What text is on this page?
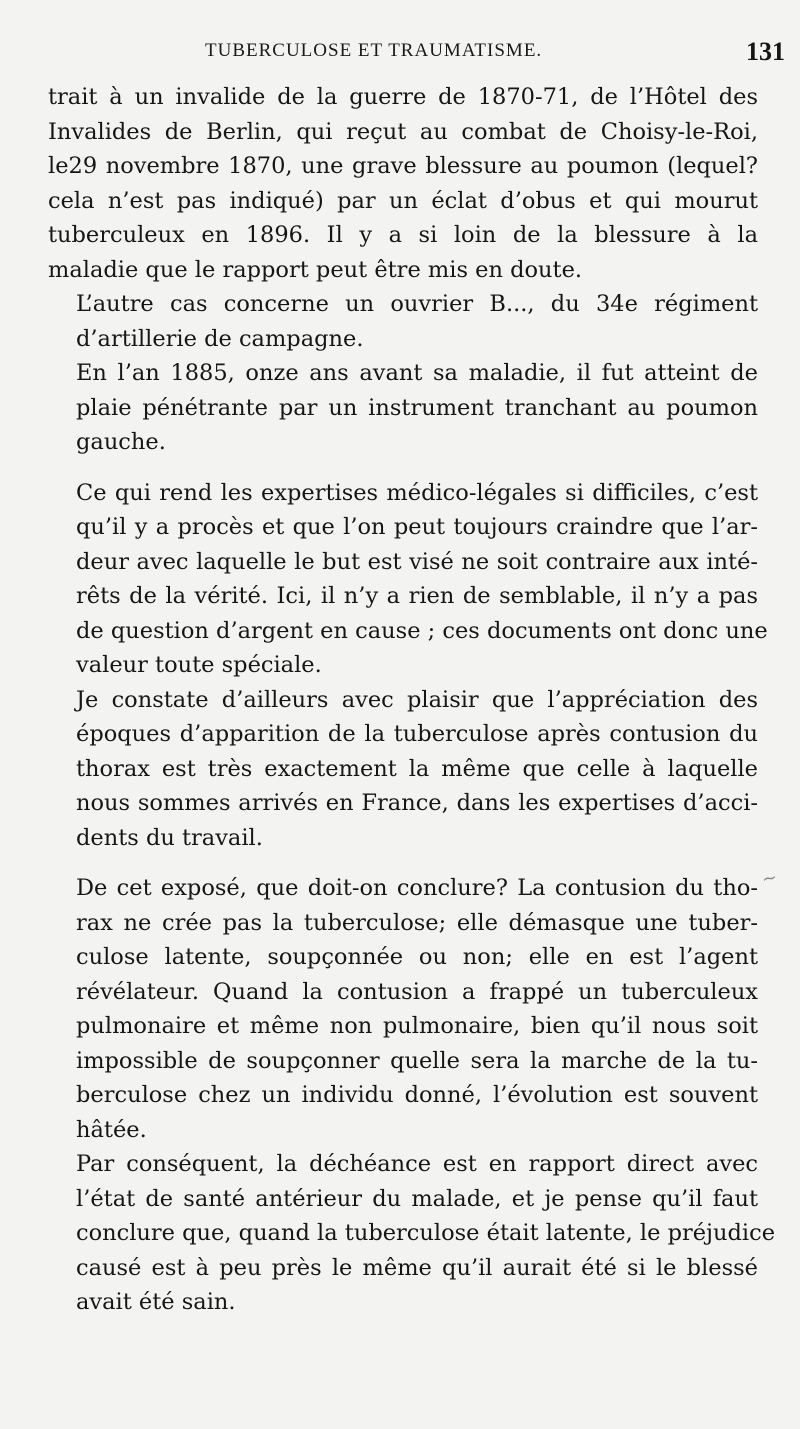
TUBERCULOSE ET TRAUMATISME.	131

trait à un invalide de la guerre de 1870-71, de l’Hôtel des
Invalides de Berlin, qui reçut au combat de Choisy-le-Roi,
le29 novembre 1870, une grave blessure au poumon (lequel?
cela n’est pas indiqué) par un éclat d’obus et qui mourut
tuberculeux en 1896. Il y a si loin de la blessure à la
maladie que le rapport peut être mis en doute.

L’autre cas concerne un ouvrier B..., du 34e régiment
d’artillerie de campagne.

En l’an 1885, onze ans avant sa maladie, il fut atteint de
plaie pénétrante par un instrument tranchant au poumon
gauche.

Ce qui rend les expertises médico-légales si difficiles, c’est
qu’il y a procès et que l’on peut toujours craindre que l’ar-
deur avec laquelle le but est visé ne soit contraire aux inté-
rêts de la vérité. Ici, il n’y a rien de semblable, il n’y a pas
de question d’argent en cause ; ces documents ont donc une
valeur toute spéciale.

Je constate d’ailleurs avec plaisir que l’appréciation des
époques d’apparition de la tuberculose après contusion du
thorax est très exactement la même que celle à laquelle
nous sommes arrivés en France, dans les expertises d’acci-
dents du travail.

De cet exposé, que doit-on conclure? La contusion du tho-
rax ne crée pas la tuberculose; elle démasque une tuber-
culose latente, soupçonnée ou non; elle en est l’agent
révélateur. Quand la contusion a frappé un tuberculeux
pulmonaire et même non pulmonaire, bien qu’il nous soit
impossible de soupçonner quelle sera la marche de la tu-
berculose chez un individu donné, l’évolution est souvent
hâtée.

Par conséquent, la déchéance est en rapport direct avec
l’état de santé antérieur du malade, et je pense qu’il faut
conclure que, quand la tuberculose était latente, le préjudice
causé est à peu près le même qu’il aurait été si le blessé
avait été sain.

~
